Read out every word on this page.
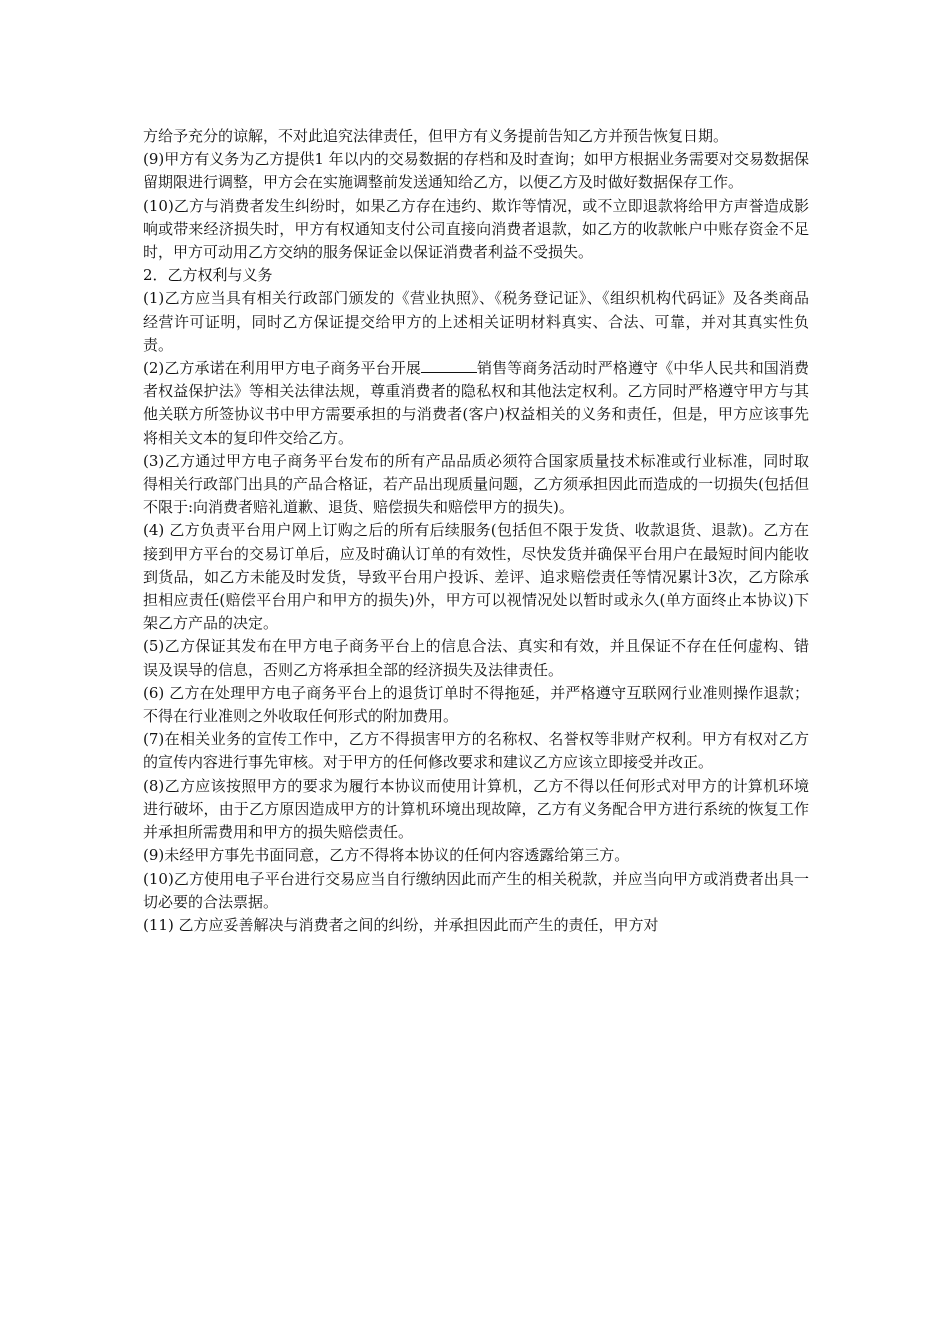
方给予充分的谅解，不对此追究法律责任，但甲方有义务提前告知乙方并预告恢复日期。

(9)甲方有义务为乙方提供1 年以内的交易数据的存档和及时查询；如甲方根据业务需要对交易数据保留期限进行调整，甲方会在实施调整前发送通知给乙方，以便乙方及时做好数据保存工作。

(10)乙方与消费者发生纠纷时，如果乙方存在违约、欺诈等情况，或不立即退款将给甲方声誉造成影响或带来经济损失时，甲方有权通知支付公司直接向消费者退款，如乙方的收款帐户中账存资金不足时，甲方可动用乙方交纳的服务保证金以保证消费者利益不受损失。

2．乙方权利与义务

(1)乙方应当具有相关行政部门颁发的《营业执照》、《税务登记证》、《组织机构代码证》及各类商品经营许可证明，同时乙方保证提交给甲方的上述相关证明材料真实、合法、可靠，并对其真实性负责。

(2)乙方承诺在利用甲方电子商务平台开展	销售等商务活动时严格遵守《中华人民共和国消费者权益保护法》等相关法律法规，尊重消费者的隐私权和其他法定权利。乙方同时严格遵守甲方与其他关联方所签协议书中甲方需要承担的与消费者(客户)权益相关的义务和责任，但是，甲方应该事先将相关文本的复印件交给乙方。

(3)乙方通过甲方电子商务平台发布的所有产品品质必须符合国家质量技术标准或行业标准，同时取得相关行政部门出具的产品合格证，若产品出现质量问题，乙方须承担因此而造成的一切损失(包括但不限于:向消费者赔礼道歉、退货、赔偿损失和赔偿甲方的损失)。

(4) 乙方负责平台用户网上订购之后的所有后续服务(包括但不限于发货、收款退货、退款)。乙方在接到甲方平台的交易订单后，应及时确认订单的有效性，尽快发货并确保平台用户在最短时间内能收到货品，如乙方未能及时发货，导致平台用户投诉、差评、追求赔偿责任等情况累计3次，乙方除承担相应责任(赔偿平台用户和甲方的损失)外，甲方可以视情况处以暂时或永久(单方面终止本协议)下架乙方产品的决定。

(5)乙方保证其发布在甲方电子商务平台上的信息合法、真实和有效，并且保证不存在任何虚构、错误及误导的信息，否则乙方将承担全部的经济损失及法律责任。

(6) 乙方在处理甲方电子商务平台上的退货订单时不得拖延，并严格遵守互联网行业准则操作退款；不得在行业准则之外收取任何形式的附加费用。

(7)在相关业务的宣传工作中，乙方不得损害甲方的名称权、名誉权等非财产权利。甲方有权对乙方的宣传内容进行事先审核。对于甲方的任何修改要求和建议乙方应该立即接受并改正。

(8)乙方应该按照甲方的要求为履行本协议而使用计算机，乙方不得以任何形式对甲方的计算机环境进行破坏，由于乙方原因造成甲方的计算机环境出现故障，乙方有义务配合甲方进行系统的恢复工作并承担所需费用和甲方的损失赔偿责任。

(9)未经甲方事先书面同意，乙方不得将本协议的任何内容透露给第三方。

(10)乙方使用电子平台进行交易应当自行缴纳因此而产生的相关税款，并应当向甲方或消费者出具一切必要的合法票据。

(11) 乙方应妥善解决与消费者之间的纠纷，并承担因此而产生的责任，甲方对
